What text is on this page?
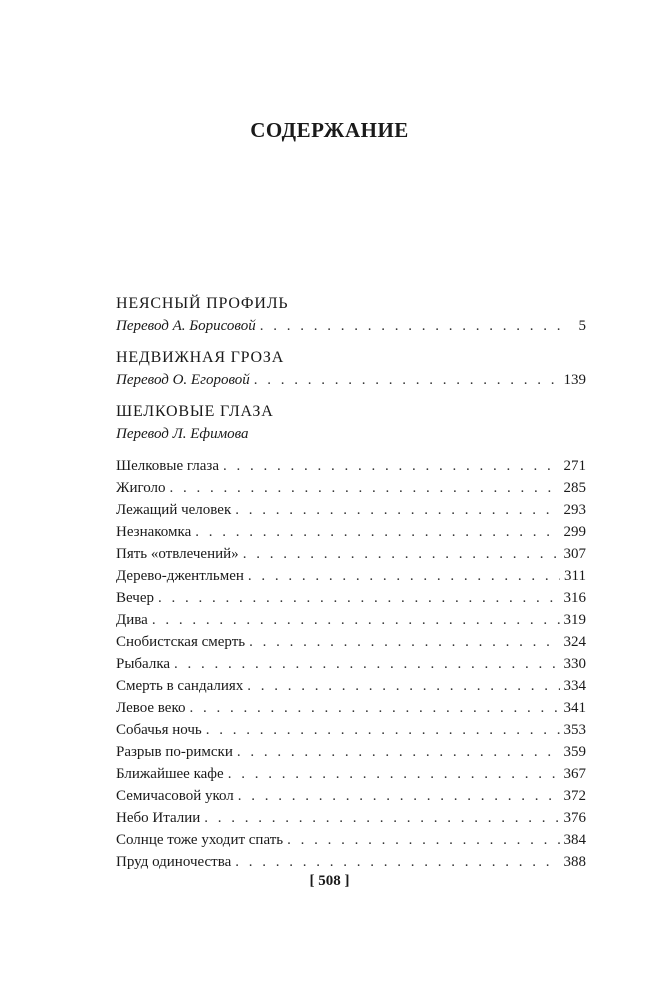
СОДЕРЖАНИЕ
НЕЯСНЫЙ ПРОФИЛЬ
Перевод А. Борисовой . . .	5
НЕДВИЖНАЯ ГРОЗА
Перевод О. Егоровой . . .	139
ШЕЛКОВЫЕ ГЛАЗА
Перевод Л. Ефимова
Шелковые глаза . . .	271
Жиголо . . .	285
Лежащий человек . . .	293
Незнакомка . . .	299
Пять «отвлечений» . . .	307
Дерево-джентльмен . . .	311
Вечер . . .	316
Дива . . .	319
Снобистская смерть . . .	324
Рыбалка . . .	330
Смерть в сандалиях . . .	334
Левое веко . . .	341
Собачья ночь . . .	353
Разрыв по-римски . . .	359
Ближайшее кафе . . .	367
Семичасовой укол . . .	372
Небо Италии . . .	376
Солнце тоже уходит спать . . .	384
Пруд одиночества . . .	388
[ 508 ]
